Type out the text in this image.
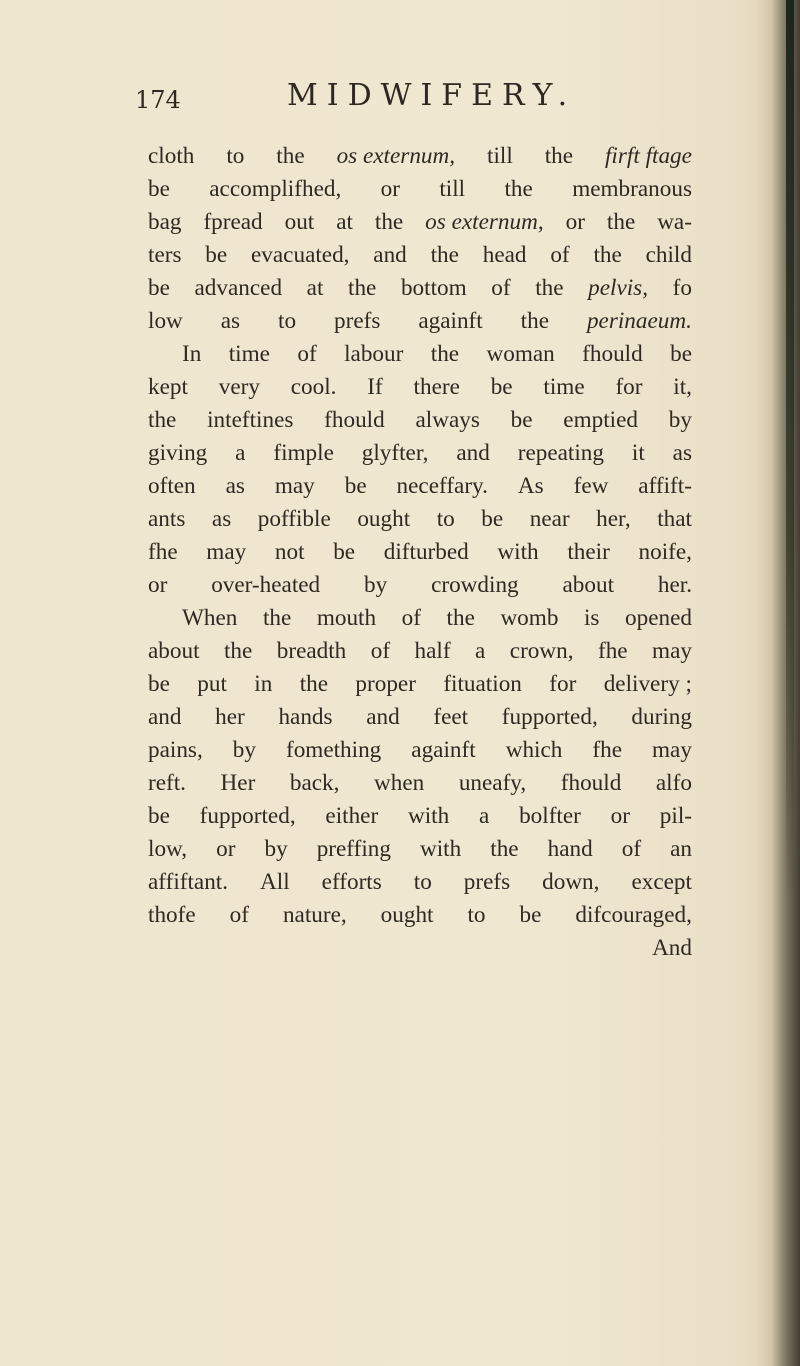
174	MIDWIFERY.
cloth to the os externum, till the firft ftage
be accomplifhed, or till the membranous
bag fpread out at the os externum, or the wa-
ters be evacuated, and the head of the child
be advanced at the bottom of the pelvis, fo
low as to prefs againft the perinaeum.
In time of labour the woman fhould be
kept very cool. If there be time for it,
the inteftines fhould always be emptied by
giving a fimple glyfter, and repeating it as
often as may be neceffary. As few affift-
ants as poffible ought to be near her, that
fhe may not be difturbed with their noife,
or over-heated by crowding about her.
When the mouth of the womb is opened
about the breadth of half a crown, fhe may
be put in the proper fituation for delivery ;
and her hands and feet fupported, during
pains, by fomething againft which fhe may
reft. Her back, when uneafy, fhould alfo
be fupported, either with a bolfter or pil-
low, or by preffing with the hand of an
affiftant. All efforts to prefs down, except
thofe of nature, ought to be difcouraged,
And
